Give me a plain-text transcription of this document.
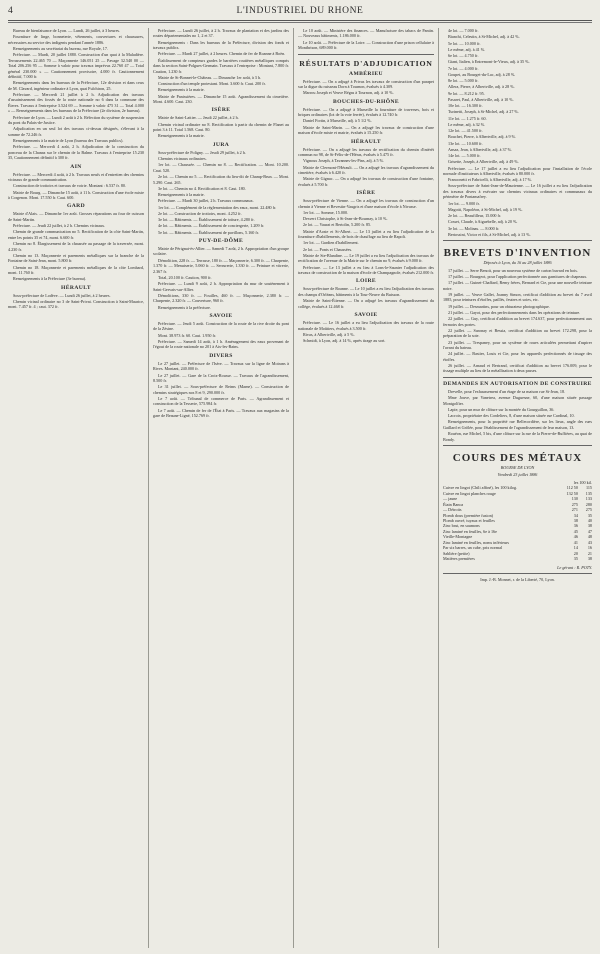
4	L'INDUSTRIEL DU RHONE

Bureau de bienfaisance de Lyon. — Lundi, 26 juillet, à 3 heures.

Fourniture de linge, bonneterie, vêtements, couvertures et chaussures, nécessaires au service des indigents pendant l'année 1886.

Renseignements au secrétariat du bureau, rue Royale, 17.

Préfecture. — Mardi, 20 juillet 1880. Construction d'un quai à la Maladière. Terrassements 22.465 70 — Maçonnerie 146.051 25 — Pavage 32.540 00 — Total 206.256 95 — Somme à valoir pour travaux imprévus 22.760 47 — Total général 230.000 » — Cautionnement provisoire, 4.000 fr. Cautionnement définitif, 7.000 fr.

Renseignements dans les bureaux de la Préfecture, 12e division et dans ceux de M. Clavard, ingénieur ordinaire à Lyon, quai Fulchiron, 25.

Préfecture. — Mercredi 21 juillet à 2 h. Adjudication des travaux d'assainissement des fossés de la route nationale no 6 dans la commune des Éteres. Travaux à l'entreprise 3.524 69 — Somme à valoir 475 31 — Total 4.000 » — Renseignements dans les bureaux de la Préfecture (2e division, 2e bureau).

Préfecture de Lyon. — Lundi 2 août à 2 h. Réfection du système de suspension du pont du Palais-de-Justice.

Adjudication en un seul lot des travaux ci-dessus désignés, s'élevant à la somme de 72.246 fr.

Renseignements à la mairie de Lyon (bureau des Travaux publics).

Préfecture. — Mercredi 4 août, 2 h. Adjudication de la construction du ponceau de la Chanaz sur le chemin de la Balme. Travaux à l'entreprise 15.230 35, Cautionnement définitif à 300 fr.

AIN

Préfecture. — Mercredi 4 août, à 2 h. Travaux neufs et d'entretien des chemins vicinaux de grande communication.

Construction de trottoirs et travaux de voirie. Montant : 6.537 fr. 80.

Mairie de Bourg. — Dimanche 15 août, à 11 h. Construction d'une école mixte à Corgenon. Mont. 17.550 fr. Caut. 600.

GARD

Mairie d'Alais. — Dimanche 1er août. Grosses réparations au four de cuisson de Saint-Martin.

Préfecture. — Jeudi 22 juillet, à 2 h. Chemins vicinaux.

Chemin de grande communication no 5. Rectification de la côte Saint-Martin, entre les points 35 et 74, mont. 6.600 fr.

Chemin no 8. Élargissement de la chaussée au passage de la traversée, mont. 4.230 fr.

Chemin no 13. Maçonnerie et parements métalliques sur la branche de la Fontaine de Saint-Jean, mont. 5.800 fr.

Chemin no 18. Maçonnerie et parements métalliques de la côte Lombard, mont. 11.760 fr.

Renseignements à la Préfecture (3e bureau).

HÉRAULT

Sous-préfecture de Lodève. — Lundi 26 juillet, à 2 heures.

Chemin vicinal ordinaire no 3 de Saint-Privat. Construction à Saint-Maurice, mont. 7.457 fr. 4 ; caut. 372 fr.

Préfecture. — Lundi 26 juillet, à 2 h. Travaux de plantation et des jardins des routes départementales no 1, 2 et 37.

Renseignements : Dans les bureaux de la Préfecture, division des fonds et travaux publics.

Préfecture. — Mardi 27 juillet, à 2 heures. Chemin de fer de Roanne à Boën.

Établissement de compteurs gardes le barrières routières métalliques compris dans la section Saint-Polgues-Germain. Travaux à l'entreprise : Montant, 7.800 fr. Caution, 1.230 fr.

Mairie de St-Bonnet-le-Château. — Dimanche 1er août, à 3 h.

Construction d'un temple protestant. Mont. 3.600 fr. Caut. 200 fr.

Renseignements à la mairie.

Mairie de Panissières. — Dimanche 15 août. Agrandissement du cimetière. Mont. 4.600. Caut. 230.

ISÈRE

Mairie de Saint-Lattier. — Jeudi 22 juillet, à 2 h.

Chemin vicinal ordinaire no 8. Rectification à partir du chemin de Flanet au point 3 à 11. Total 1.568. Caut. 80.

Renseignements à la mairie.

JURA

Sous-préfecture de Poligny. — Jeudi 29 juillet, à 2 h.

Chemins vicinaux ordinaires.

1er lot. — Chaussée. — Chemin no 8. — Rectification. — Mont. 10.200. Caut. 520.

2e lot. — Chemin no 5. — Rectification du lieu-dit de Champ-Brun. — Mont. 5.290. Caut. 265.

3e lot. — Chemin no 4. Rectification et 8. Caut. 180.

Renseignements à la mairie.

Préfecture. — Mardi 30 juillet, 2 h. Travaux communaux.

1er lot. — Complément de la réglementation des eaux, mont. 22.480 fr.

2e lot. — Construction de trottoirs, mont. 4.252 fr.

3e lot. — Bâtiments. — Établissement de toiture, 4.280 fr.

4e lot. — Bâtiments. — Établissement de conciergerie, 1.209 fr.

5e lot. — Bâtiments. — Établissement de pavillons, 5.160 fr.

PUY-DE-DÔME

Mairie de Pérignat-ès-Allier. — Samedi 7 août, 2 h. Appropriation d'un groupe scolaire.

Démolition, 228 fr. — Terrasse, 180 fr. — Maçonnerie, 6.300 fr. — Charpente, 1.370 fr. — Menuiserie, 5.060 fr. — Serrurerie, 1.330 fr. — Peinture et vitrerie, 2.367 fr.

Total, 20.100 fr. Caution, 900 fr.

Préfecture. — Lundi 9 août, 2 h. Appropriation du mur de soutènement à Saint-Gervais-sur-Allier.

Démolitions, 330 fr. — Fouilles, 460 fr. — Maçonnerie, 2.380 fr. — Charpente, 2.320 fr. — Couverture, 960 fr.

Renseignements à la préfecture.

SAVOIE

Préfecture. — Jeudi 5 août. Construction de la route de la rive droite du pont de la Zésine.

Mont. 38.973 fr. 60. Caut. 1.950 fr.

Préfecture. — Samedi 14 août, à 1 h. Aménagement des eaux provenant de l'égout de la route nationale no 201 à Aix-les-Bains.

DIVERS

Le 27 juillet. — Préfecture de l'Isère. — Travaux sur la ligne de Moirans à Rives. Montant, 240.000 fr.

Le 27 juillet. — Gare de la Croix-Rousse. — Travaux de l'agrandissement, 8.500 fr.

Le 31 juillet. — Sous-préfecture de Reims (Marne). — Construction de chemins stratégiques nos 8 et 9, 290.000 fr.

Le 7 août. — Tribunal de commerce de Paris. — Agrandissement et construction de la Tesserie, 575.984 fr.

Le 7 août. — Chemin de fer de l'État à Paris. — Travaux aux magasins de la gare de Beaune-Ligné, 152.769 fr.

Le 10 août. — Ministère des finances. — Manufacture des tabacs de Pantin. — Nouveaux bâtiments, 1.186.000 fr.

Le 10 août. — Préfecture de la Loire. — Construction d'une prison cellulaire à Montbrison, 689.000 fr.

RÉSULTATS D'ADJUDICATION
AMBÉRIEU

Préfecture. — On a adjugé à Privas les travaux de construction d'un parapet sur la digue du ruisseau Dorn à Tournon, évalués à 4.309.

Marrou Joseph et Veuve Régas à Tournon, adj. à 10 %.

BOUCHES-DU-RHÔNE

Préfecture. — On a adjugé à Marseille la fourniture de traverses, bois et briques ordinaires (lot de la voie ferrée), évalués à 12.740 fr.

Daniel Fortin, à Marseille, adj. à 5 1/2 %.

Mairie de Saint-Marin. — On a adjugé les travaux de construction d'une maison d'école mixte et mairie, évalués à 15.250 fr.

HÉRAULT

Préfecture. — On a adjugé les travaux de rectification du chemin d'intérêt commun no 98, de St-Félix-de-l'Héras, évalués à 5.475 fr.

Vignoux Joseph, à Tavannes-les-Pins, adj. à 5 %.

Mairie de Clermont-l'Hérault. — On a adjugé les travaux d'agrandissement du cimetière, évalués à 6.420 fr.

Mairie de Gignac. — On a adjugé les travaux de construction d'une fontaine, évalués à 5.700 fr.

ISÈRE

Sous-préfecture de Vienne. — On a adjugé les travaux de construction d'un chemin à Vienne et Revestin-Vaugris et d'une maison d'école à Nivasse.

1er lot. — Somme, 15.000.

Desvert Christophe, à St-Jean-de-Bournay, à 10 %.

2e lot. — Vaurat et Bertolin, 5.200 fr. 85.

Mairie d'Aoste et St-Albert. — Le 13 juillet a eu lieu l'adjudication de la fourniture d'habillements, de bois de chauffage au lieu de Rapolt.

1er lot. — Gardien d'habillement.

2e lot. — Ponts et Chaussées.

Mairie de Ste-Blandine. — Le 19 juillet a eu lieu l'adjudication des travaux de rectification de l'avenue de la Mairie sur le chemin no 9, évalués à 9.000 fr.

Préfecture. — Le 13 juillet a eu lieu à Lons-le-Saunier l'adjudication des travaux de construction de la maison d'école de Champagnole, évalués 212.000 fr.

LOIRE

Sous-préfecture de Roanne. — Le 10 juillet a eu lieu l'adjudication des travaux des champs d'Orléans, bâtiments à la Tour-Neuve du Buisson.

Mairie de Saint-Étienne. — On a adjugé les travaux d'agrandissement du collège, évalués à 12.468 fr.

SAVOIE

Préfecture. — Le 16 juillet a eu lieu l'adjudication des travaux de la route nationale de Moûtiers, évalués à 3.500 fr.

Rivas, à Albertville, adj. à 5 %.

Schmidt, à Lyon, adj. à 14 %, après tirage au sort.

4e lot. — 7.000 fr.

Bianchi, Celestin, à St-Michel, adj. à 42 %.

5e lot. — 10.000 fr.

Le même, adj. à 41 %.

6e lot. — 4.750 fr.

Giant, Italien, à Entremont-le-Vieux, adj. à 35 %.

7e lot. — 4.000 fr.

Goupet, au Bourget-du-Lac, adj. à 28 %.

8e lot. — 5.000 fr.

Allera, Pierre, à Albertville, adj. à 28 %.

9e lot. — 8.212 fr. 95.

Pasaret, Paul, à Albertville, adj. à 10 %.

10e lot. — 16.300 fr.

Turinetti, Joseph, à St-Michel, adj. à 27 %.

11e lot. — 1.275 fr. 60.

Le même, adj. à 32 %.

12e lot. — 41.500 fr.

Bouchet, Pierre, à Albertville, adj. à 9 %.

13e lot. — 10.600 fr.

Ansaz, Jean, à Albertville, adj. à 37 %.

14e lot. — 5.000 fr.

Grisette, Joseph, à Albertville, adj. à 49 %.

Préfecture. — Le 17 juillet a eu lieu l'adjudication pour l'installation de l'école normale d'instituteurs à Albertville, évalués à 80.000 fr.

Franconetti et Fabricelli, à Albertville, adj. à 17 %.

Sous-préfecture de Saint-Jean-de-Maurienne. — Le 16 juillet a eu lieu l'adjudication des travaux divers à exécuter sur chemins vicinaux ordinaires et communaux du périmètre de Pontamafrey.

1er lot. — 9.000 fr.

Magotti, Napoléon, à St-Michel, adj. à 19 %.

2e lot. — Beaufilleur, 15.000 fr.

Cosset, Claude, à Aiguebelle, adj. à 20 %.

3e lot. — Molinas. — 8.000 fr.

Bertossini, Victor et fils, à St-Michel, adj. à 13 %.

BREVETS D'INVENTION
Déposés à Lyon, du 16 au 28 juillet 1886

17 juillet. — Serre Benoit, pour un nouveau système de carton buvard en bois.

17 juillet. — Bourgeot, pour l'application perfectionnée aux garnitures de chapeaux.

17 juillet. — Guinet-Chaffard, Remy frères, Bernard et Cie, pour une nouvelle teinture noire.

19 juillet. — Veuve Gallet, Joanny Simon, certificat d'addition au brevet du 7 avril 1885, pour teintures d'étoffes, paillés, feutres et soies, etc.

19 juillet. — Desmartins, pour un obturateur photographique.

21 juillet. — Gayot, pour des perfectionnements dans les opérations de teinture.

22 juillet. — Guy, certificat d'addition au brevet 174.637, pour perfectionnement aux fermoirs des portes.

22 juillet. — Saronay et Bessia, certificat d'addition au brevet 172.298, pour la préparation de la soie.

23 juillet. — Trespaney, pour un système de roues articulées permettant d'aspirer l'avant du bateau.

24 juillet. — Bastier, Louis et Cie, pour les appareils perfectionnés de tissage des étoffes.

26 juillet. — Arnaud et Bertrand, certificat d'addition au brevet 176.009, pour le tissage multiple au lieu de la métallisation à deux passes.

DEMANDES EN AUTORISATION DE CONSTRUIRE

Drevelle, pour l'exhaussement d'un étage de sa maison rue St-Jean, 18.

Mme Jouve, par Vanetrea, avenue Duguesne, 60, d'une maison située passage Montgolfier.

Lapie, pour un mur de clôture sur la montée du Gourguillon, 36.

Lacroix, propriétaire des Cordeliers, 8, d'une maison située rue Cardinal, 10.

Renseignements, pour la propriété rue Bellecordière, sur les lieux, angle des rues Gaillard et Grôlée, pour l'établissement de l'agrandissement de leur maison, 13.

Rouéon, rue Michel, 5 bis, d'une clôture sur la rue de la Pierre-de-Buffières, au quai de Bondy.

COURS DES MÉTAUX
BOURSE DE LYON
Vendredi 23 juillet 1886
	les 100 kil.	
Cuivre en lingot (Chili affiné), les 100 kilog.	112 50	115
Cuivre en lingot planches rouge	132 50	135
— jaune	130	133
Étain Banca	275	280
— Détroits	271	275
Plomb doux (première fusion)	34	35
Plomb ouvré, tuyaux et feuilles	38	40
Zinc brut, en saumons	36	38
Zinc laminé en feuilles, 6e à 16e	45	47
Vieille-Montagne	46	48
Zinc laminé en feuilles, noms inférieurs	41	43
Par six barres, un cube, prix normal	14	16
Sablière (petite)	20	21
Matières premières	35	38
Le gérant : R. POTY.
Imp. J.-B. Monnet, r. de la Liberté, 70, Lyon.
